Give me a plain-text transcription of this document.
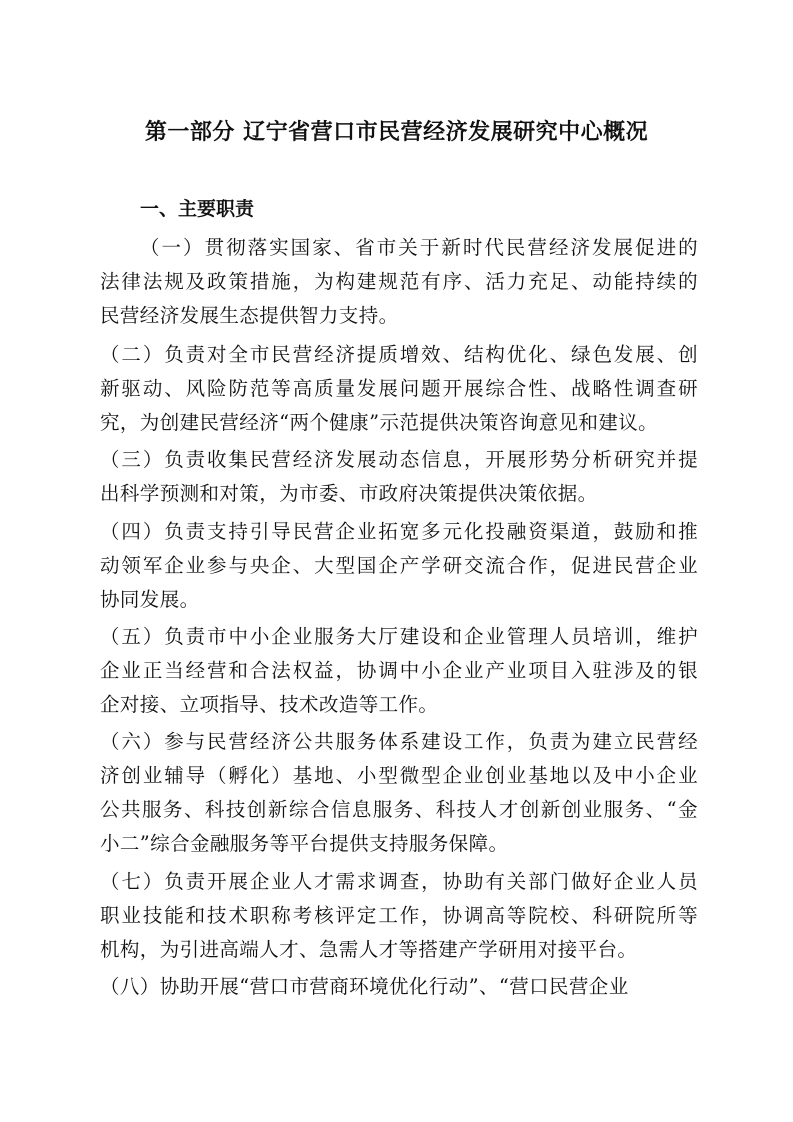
第一部分 辽宁省营口市民营经济发展研究中心概况
一、主要职责
（一）贯彻落实国家、省市关于新时代民营经济发展促进的
法律法规及政策措施，为构建规范有序、活力充足、动能持续的
民营经济发展生态提供智力支持。
（二）负责对全市民营经济提质增效、结构优化、绿色发展、创
新驱动、风险防范等高质量发展问题开展综合性、战略性调查研
究，为创建民营经济“两个健康”示范提供决策咨询意见和建议。
（三）负责收集民营经济发展动态信息，开展形势分析研究并提
出科学预测和对策，为市委、市政府决策提供决策依据。
（四）负责支持引导民营企业拓宽多元化投融资渠道，鼓励和推
动领军企业参与央企、大型国企产学研交流合作，促进民营企业
协同发展。
（五）负责市中小企业服务大厅建设和企业管理人员培训，维护
企业正当经营和合法权益，协调中小企业产业项目入驻涉及的银
企对接、立项指导、技术改造等工作。
（六）参与民营经济公共服务体系建设工作，负责为建立民营经
济创业辅导（孵化）基地、小型微型企业创业基地以及中小企业
公共服务、科技创新综合信息服务、科技人才创新创业服务、“金
小二”综合金融服务等平台提供支持服务保障。
（七）负责开展企业人才需求调查，协助有关部门做好企业人员
职业技能和技术职称考核评定工作，协调高等院校、科研院所等
机构，为引进高端人才、急需人才等搭建产学研用对接平台。
（八）协助开展“营口市营商环境优化行动”、“营口民营企业
